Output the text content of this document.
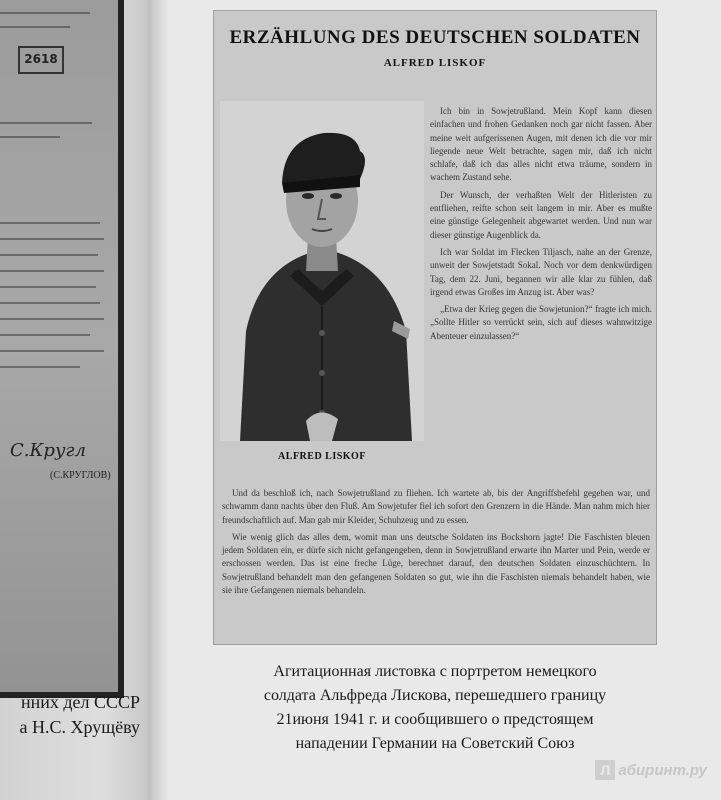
2618
С.Кругл
(С.КРУГЛОВ)
нних дел СССР
а Н.С. Хрущёву
ERZÄHLUNG DES DEUTSCHEN SOLDATEN
ALFRED LISKOF
ALFRED LISKOF

Ich bin in Sowjetrußland. Mein Kopf kann diesen einfachen und frohen Gedanken noch gar nicht fassen. Aber meine weit aufgerissenen Augen, mit denen ich die vor mir liegende neue Welt betrachte, sagen mir, daß ich nicht schlafe, daß ich das alles nicht etwa träume, sondern in wachem Zustand sehe.

Der Wunsch, der verhaßten Welt der Hitleristen zu entfliehen, reifte schon seit langem in mir. Aber es mußte eine günstige Gelegenheit abgewartet werden. Und nun war dieser günstige Augenblick da.

Ich war Soldat im Flecken Tiljasch, nahe an der Grenze, unweit der Sowjetstadt Sokal. Noch vor dem denkwürdigen Tag, dem 22. Juni, begannen wir alle klar zu fühlen, daß irgend etwas Großes im Anzug ist. Aber was?

„Etwa der Krieg gegen die Sowjetunion?“ fragte ich mich. „Sollte Hitler so verrückt sein, sich auf dieses wahnwitzige Abenteuer einzulassen?“

Und da beschloß ich, nach Sowjetrußland zu fliehen. Ich wartete ab, bis der Angriffsbefehl gegeben war, und schwamm dann nachts über den Fluß. Am Sowjetufer fiel ich sofort den Grenzern in die Hände. Man nahm mich hier freundschaftlich auf. Man gab mir Kleider, Schuhzeug und zu essen.

Wie wenig glich das alles dem, womit man uns deutsche Soldaten ins Bockshorn jagte! Die Faschisten bleuen jedem Soldaten ein, er dürfe sich nicht gefangengeben, denn in Sowjetrußland erwarte ihn Marter und Pein, werde er erschossen werden. Das ist eine freche Lüge, berechnet darauf, den deutschen Soldaten einzuschüchtern. In Sowjetrußland behandelt man den gefangenen Soldaten so gut, wie ihn die Faschisten niemals behandelt haben, wie sie ihre Gefangenen niemals behandeln.

Агитационная листовка с портретом немецкого
солдата Альфреда Лискова, перешедшего границу
21июня 1941 г. и сообщившего о предстоящем
нападении Германии на Советский Союз
Л абиринт.ру
